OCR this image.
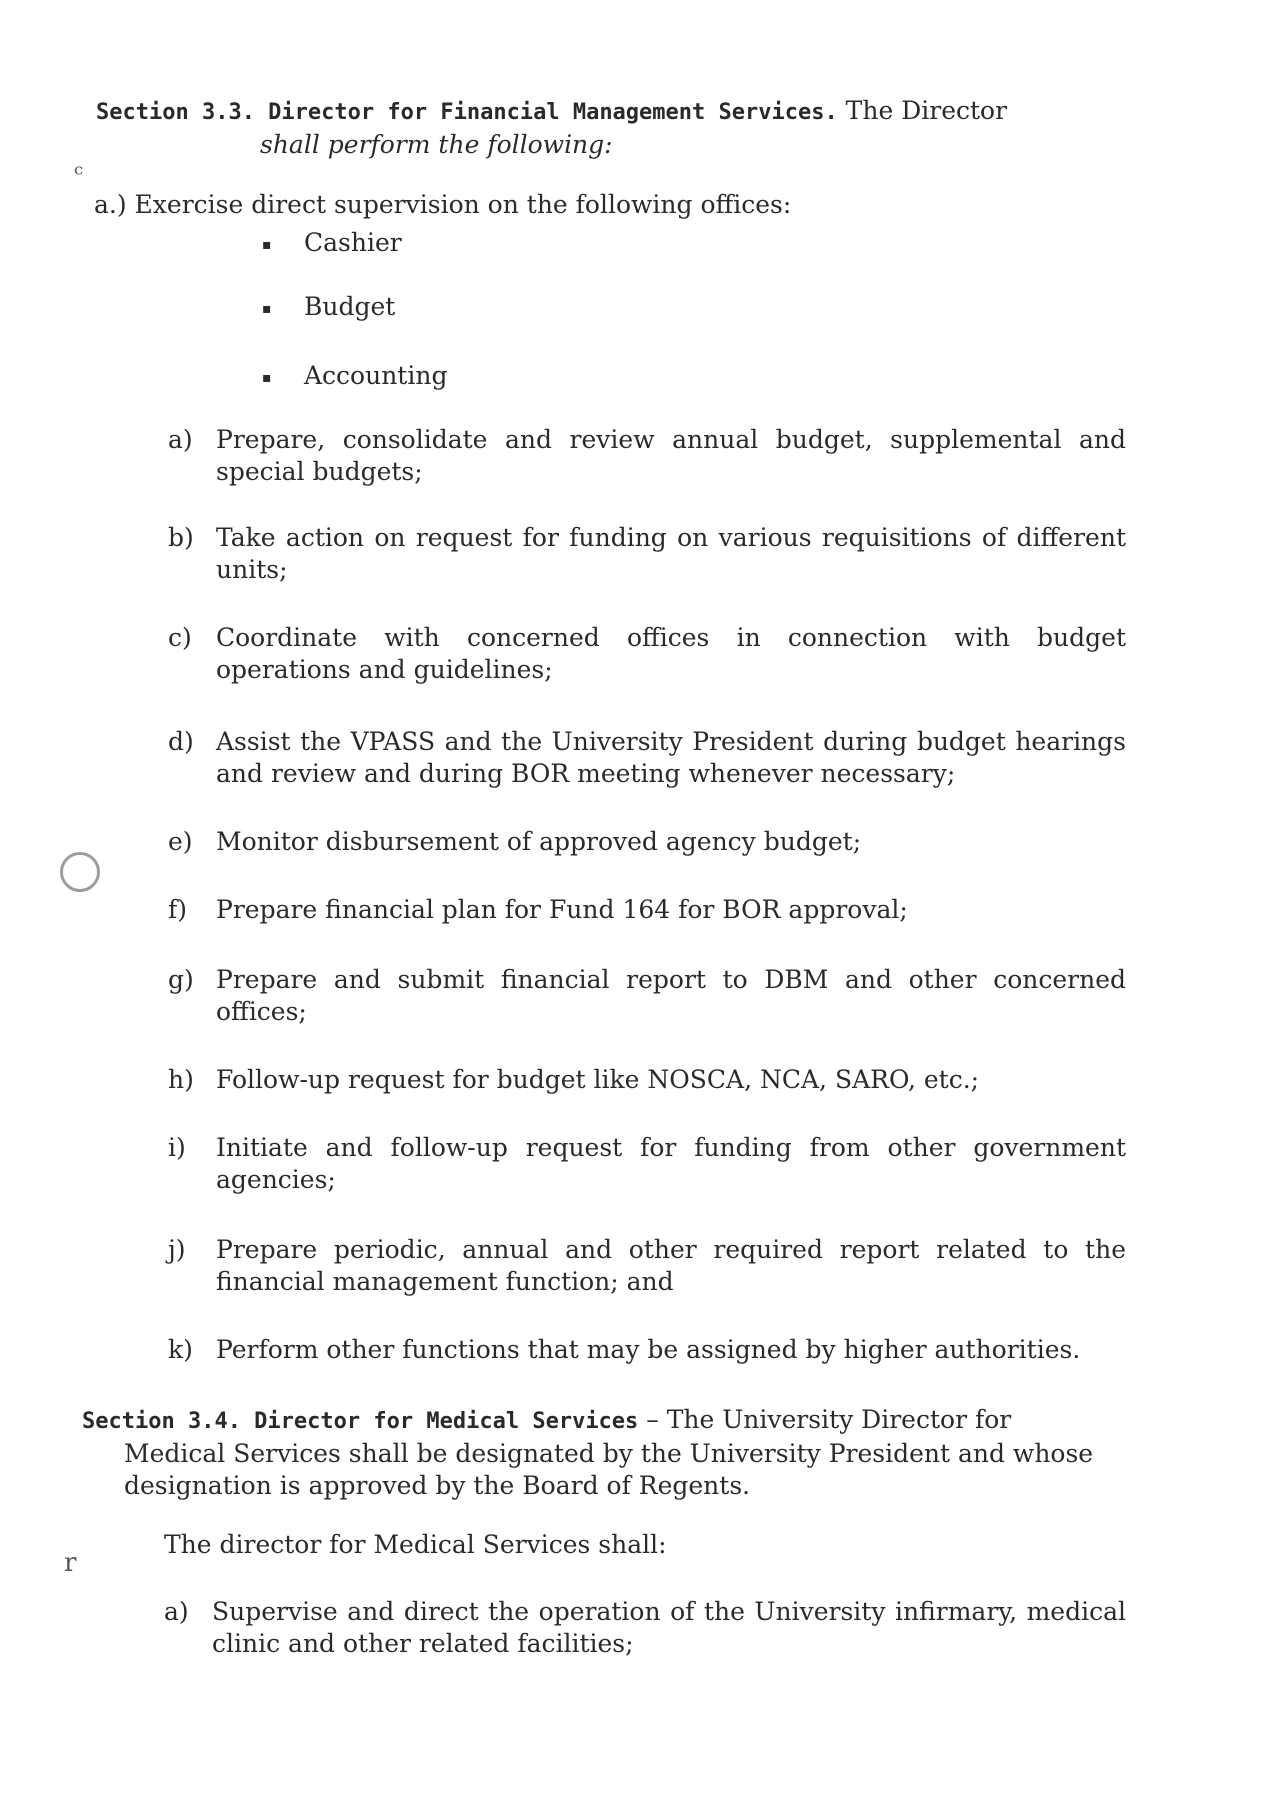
ᶜ
r
Section 3.3. Director for Financial Management Services. The Director
shall perform the following:
a.) Exercise direct supervision on the following offices:
▪ Cashier
▪ Budget
▪ Accounting
a) Prepare, consolidate and review annual budget, supplemental and special budgets;
b) Take action on request for funding on various requisitions of different units;
c) Coordinate with concerned offices in connection with budget operations and guidelines;
d) Assist the VPASS and the University President during budget hearings and review and during BOR meeting whenever necessary;
e) Monitor disbursement of approved agency budget;
f)	Prepare financial plan for Fund 164 for BOR approval;
g) Prepare and submit financial report to DBM and other concerned offices;
h) Follow-up request for budget like NOSCA, NCA, SARO, etc.;
i)	Initiate and follow-up request for funding from other government agencies;
j)	Prepare periodic, annual and other required report related to the financial management function; and
k) Perform other functions that may be assigned by higher authorities.
Section 3.4. Director for Medical Services – The University Director for
Medical Services shall be designated by the University President and whose designation is approved by the Board of Regents.
The director for Medical Services shall:
a) Supervise and direct the operation of the University infirmary, medical clinic and other related facilities;
